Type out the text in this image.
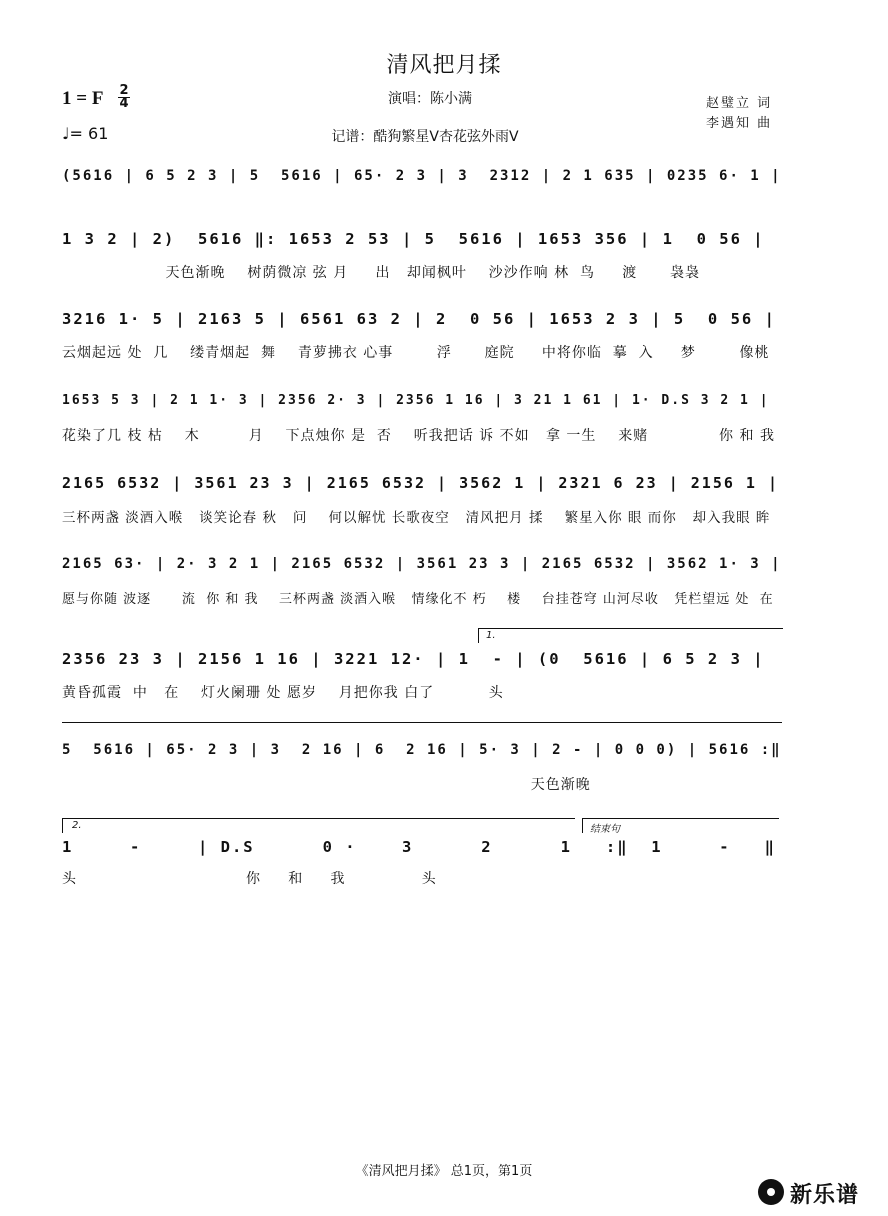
清风把月揉
1 = F 2
4
♩= 61
演唱：陈小满
记谱：酷狗繁星V杏花弦外雨V
赵璧立 词
李遇知 曲
(5616 | 6 5 2 3 | 5  5616 | 65· 2 3 | 3  2312 | 2 1 635 | 0235 6· 1 |
1 3 2 | 2)  5616 ‖: 1653 2 53 | 5  5616 | 1653 356 | 1  0 56 |
天色渐晚    树荫微凉 弦 月     出   却闻枫叶    沙沙作响 林  鸟     渡      袅袅
3216 1· 5 | 2163 5 | 6561 63 2 | 2  0 56 | 1653 2 3 | 5  0 56 |
云烟起远 处  几    缕青烟起  舞    青萝拂衣 心事        浮      庭院     中将你临  摹  入     梦        像桃
1653 5 3 | 2 1 1· 3 | 2356 2· 3 | 2356 1 16 | 3 21 1 61 | 1· D.S 3 2 1 |
花染了几 枝 枯    木         月    下点烛你 是  否    听我把话 诉 不如   拿 一生    来赌             你 和 我
2165 6532 | 3561 23 3 | 2165 6532 | 3562 1 | 2321 6 23 | 2156 1 |
三杯两盏 淡酒入喉   谈笑论春 秋   问    何以解忧 长歌夜空   清风把月 揉    繁星入你 眼 而你   却入我眼 眸
2165 63· | 2· 3 2 1 | 2165 6532 | 3561 23 3 | 2165 6532 | 3562 1· 3 |
愿与你随 波逐      流  你 和 我    三杯两盏 淡酒入喉   情缘化不 朽    楼    台挂苍穹 山河尽收   凭栏望远 处  在
1.
2356 23 3 | 2156 1 16 | 3221 12· | 1  - | (0  5616 | 6 5 2 3 |
黄昏孤霞  中   在    灯火阑珊 处 愿岁    月把你我 白了          头
5  5616 | 65· 2 3 | 3  2 16 | 6  2 16 | 5· 3 | 2 - | 0 0 0) | 5616 :‖
天色渐晚
2.	结束句
1     -     | D.S      0 ·    3      2      1   :‖  1     -   ‖
头                               你     和     我              头
《清风把月揉》 总1页，第1页
新乐谱
